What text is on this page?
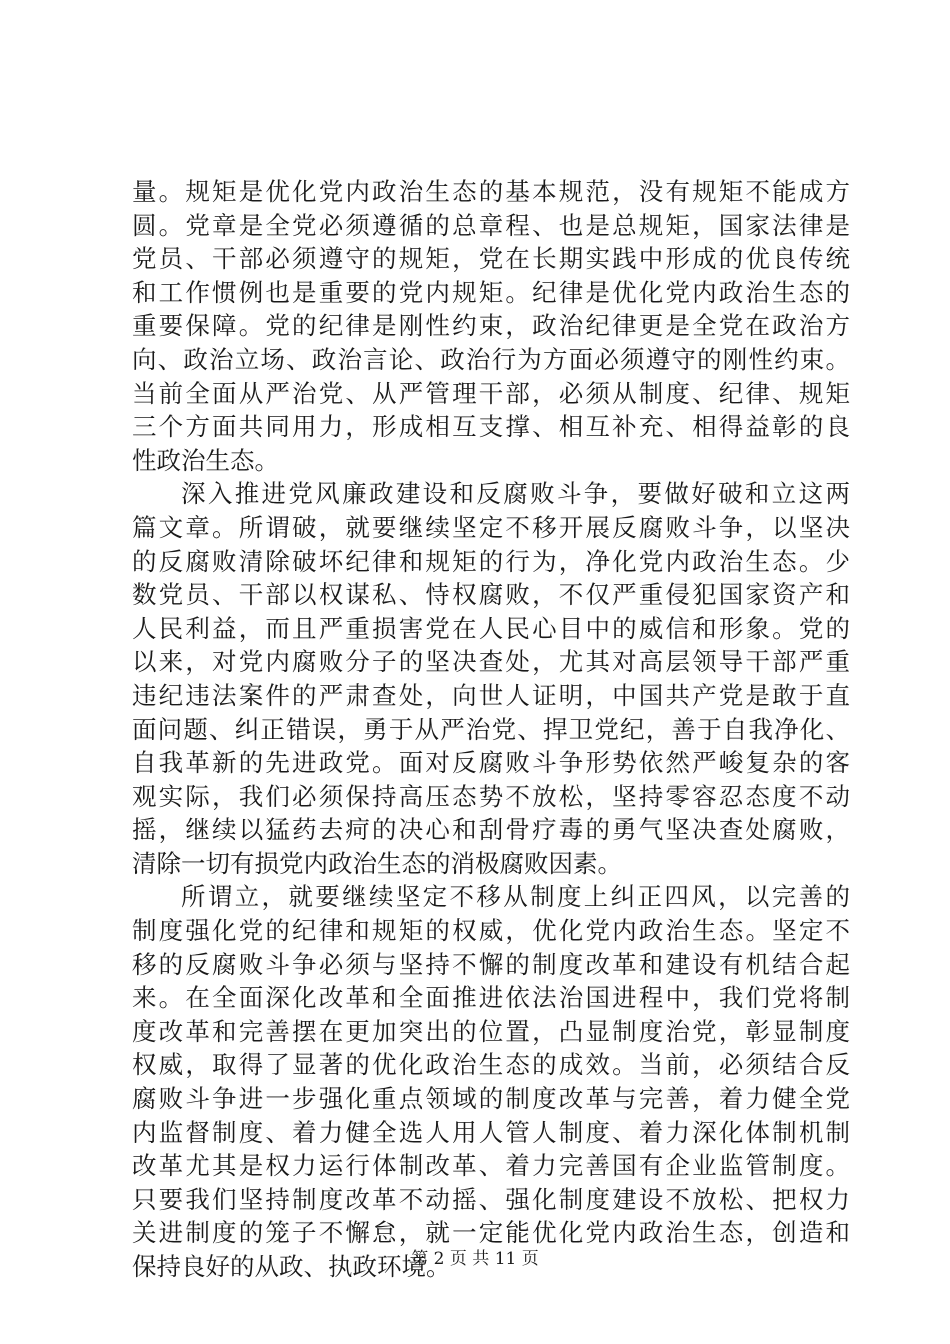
量。规矩是优化党内政治生态的基本规范，没有规矩不能成方
圆。党章是全党必须遵循的总章程、也是总规矩，国家法律是
党员、干部必须遵守的规矩，党在长期实践中形成的优良传统
和工作惯例也是重要的党内规矩。纪律是优化党内政治生态的
重要保障。党的纪律是刚性约束，政治纪律更是全党在政治方
向、政治立场、政治言论、政治行为方面必须遵守的刚性约束。
当前全面从严治党、从严管理干部，必须从制度、纪律、规矩
三个方面共同用力，形成相互支撑、相互补充、相得益彰的良
性政治生态。
深入推进党风廉政建设和反腐败斗争，要做好破和立这两
篇文章。所谓破，就要继续坚定不移开展反腐败斗争，以坚决
的反腐败清除破坏纪律和规矩的行为，净化党内政治生态。少
数党员、干部以权谋私、恃权腐败，不仅严重侵犯国家资产和
人民利益，而且严重损害党在人民心目中的威信和形象。党的
以来，对党内腐败分子的坚决查处，尤其对高层领导干部严重
违纪违法案件的严肃查处，向世人证明，中国共产党是敢于直
面问题、纠正错误，勇于从严治党、捍卫党纪，善于自我净化、
自我革新的先进政党。面对反腐败斗争形势依然严峻复杂的客
观实际，我们必须保持高压态势不放松，坚持零容忍态度不动
摇，继续以猛药去疴的决心和刮骨疗毒的勇气坚决查处腐败，
清除一切有损党内政治生态的消极腐败因素。
所谓立，就要继续坚定不移从制度上纠正四风，以完善的
制度强化党的纪律和规矩的权威，优化党内政治生态。坚定不
移的反腐败斗争必须与坚持不懈的制度改革和建设有机结合起
来。在全面深化改革和全面推进依法治国进程中，我们党将制
度改革和完善摆在更加突出的位置，凸显制度治党，彰显制度
权威，取得了显著的优化政治生态的成效。当前，必须结合反
腐败斗争进一步强化重点领域的制度改革与完善，着力健全党
内监督制度、着力健全选人用人管人制度、着力深化体制机制
改革尤其是权力运行体制改革、着力完善国有企业监管制度。
只要我们坚持制度改革不动摇、强化制度建设不放松、把权力
关进制度的笼子不懈怠，就一定能优化党内政治生态，创造和
保持良好的从政、执政环境。
第 2 页 共 11 页
